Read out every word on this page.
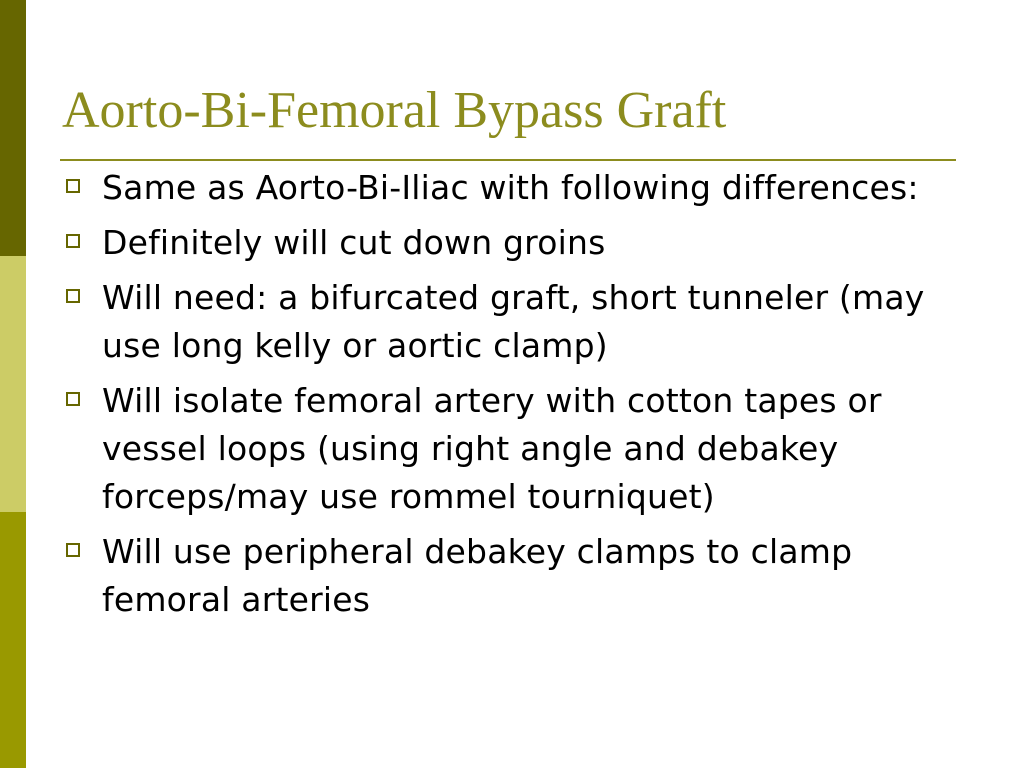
Aorto-Bi-Femoral Bypass Graft
Same as Aorto-Bi-Iliac with following differences:
Definitely will cut down groins
Will need: a bifurcated graft, short tunneler (may use long kelly or aortic clamp)
Will isolate femoral artery with cotton tapes or vessel loops (using right angle and debakey forceps/may use rommel tourniquet)
Will use peripheral debakey clamps to clamp femoral arteries
